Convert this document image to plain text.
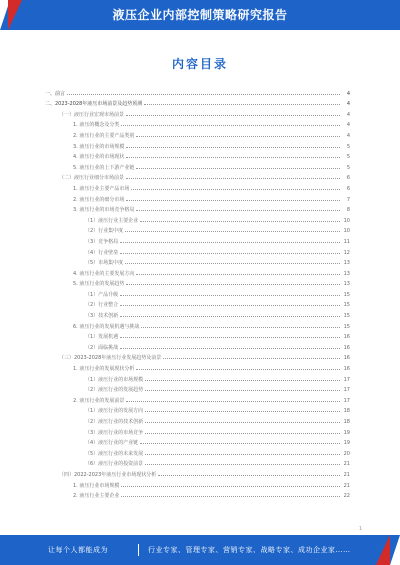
液压企业内部控制策略研究报告
内容目录
一、前言	4
二、2023-2028年液压市场前景及趋势预测	4
（一）液压行业宏观市场前景	4
1. 液压的概念及分类	4
2. 液压行业的主要产品类别	4
3. 液压行业的市场规模	5
4. 液压行业的市场现状	5
5. 液压行业的上下游产业链	5
（二）液压行业细分市场前景	6
1. 液压行业主要产品市场	6
2. 液压行业的细分市场	7
3. 液压行业的市场竞争格局	8
（1）液压行业主要企业	10
（2）行业集中度	10
（3）竞争格局	11
（4）行业壁垒	12
（5）市场集中度	13
4. 液压行业的主要发展方向	13
5. 液压行业的发展趋势	13
（1）产品升级	15
（2）行业整合	15
（3）技术创新	15
6. 液压行业的发展机遇与挑战	15
（1）发展机遇	16
（2）面临挑战	16
（三）2023-2028年液压行业发展趋势及前景	16
1. 液压行业的发展现状分析	16
（1）液压行业的市场规模	17
（2）液压行业的发展趋势	17
2. 液压行业的发展前景	17
（1）液压行业的发展方向	18
（2）液压行业的技术创新	18
（3）液压行业的市场竞争	19
（4）液压行业的产业链	19
（5）液压行业的未来发展	20
（6）液压行业的投资前景	21
（四）2022-2023年液压行业市场现状分析	21
1. 液压行业市场规模	21
2. 液压行业主要企业	22
1
让每个人都能成为	行业专家、管理专家、营销专家、战略专家、成功企业家……
